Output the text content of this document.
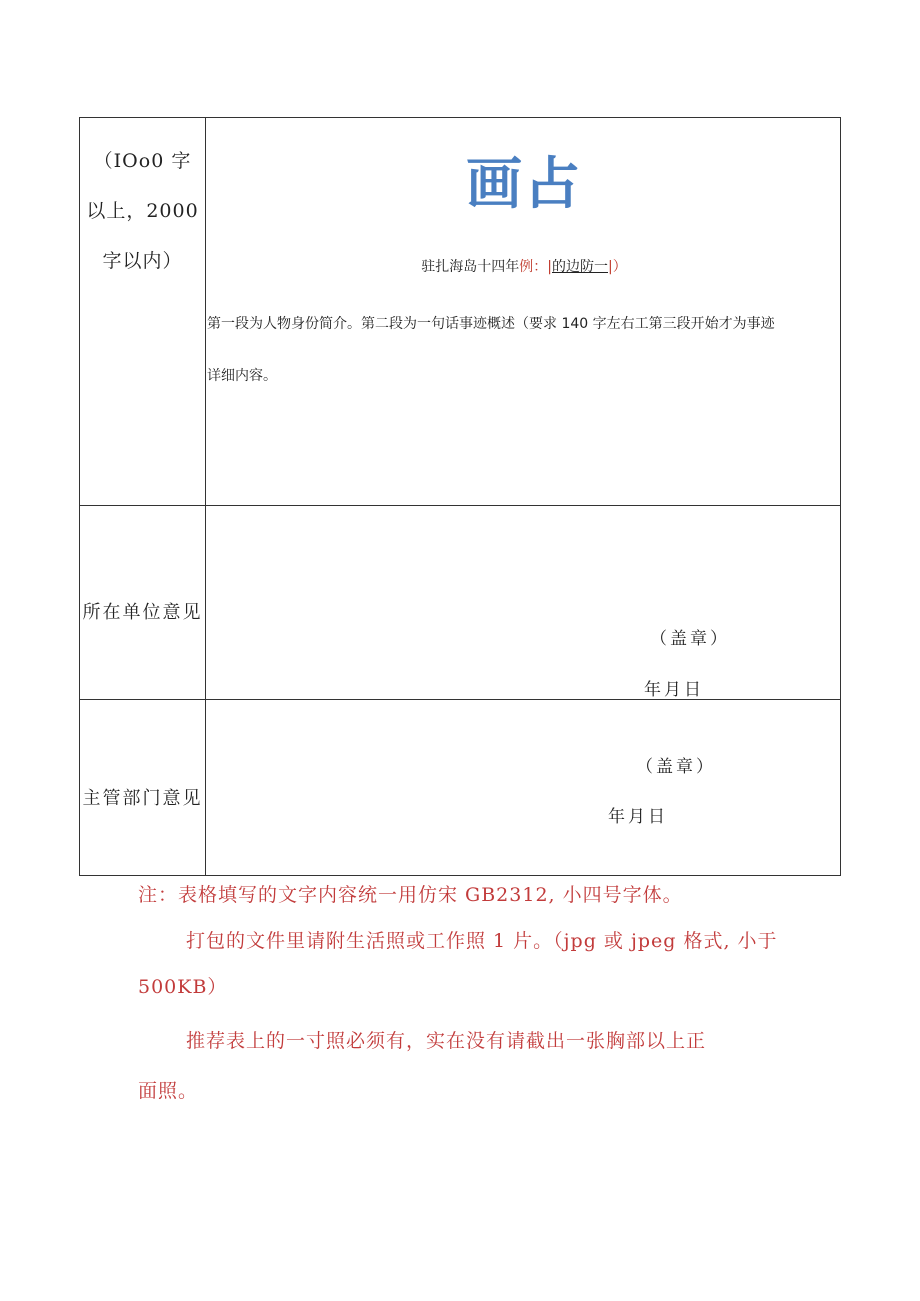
（IOo0 字
以上，2000
字以内）
画占
驻扎海岛十四年例：|的边防一|）
第一段为人物身份简介。第二段为一句话事迹概述（要求 140 字左右工第三段开始才为事迹
详细内容。
所在单位意见
（盖章）
年月日
主管部门意见
（盖章）
年月日
注：表格填写的文字内容统一用仿宋 GB2312, 小四号字体。
打包的文件里请附生活照或工作照 1 片。（jpg 或 jpeg 格式, 小于
500KB）
推荐表上的一寸照必须有，实在没有请截出一张胸部以上正
面照。
